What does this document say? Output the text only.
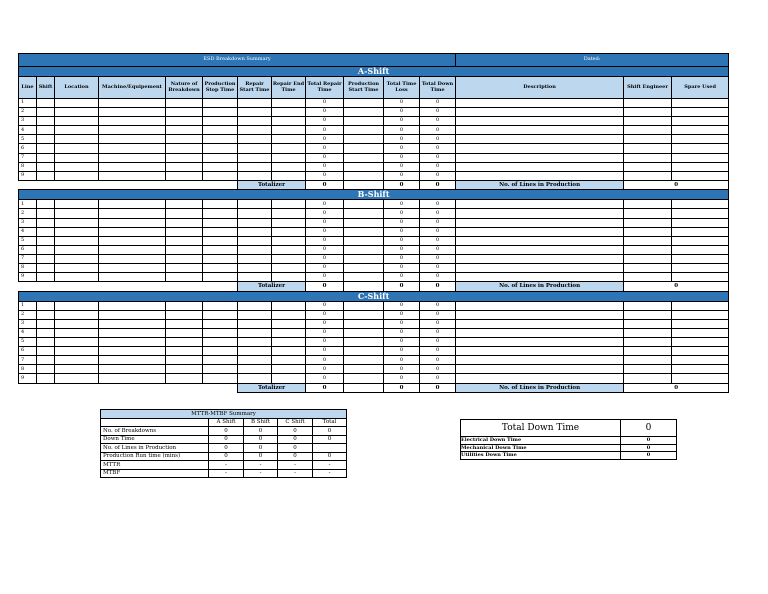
ESD Breakdown Summary												Dated:		
A-Shift														
Line	Shift	Location	Machine/Equipement	Nature of Breakdown	Production Stop Time	Repair Start Time	Repair End Time	Total Repair Time	Production Start Time	Total Time Loss	Total Down Time	Description	Shift Engineer	Spare Used
1								0		0	0			
2								0		0	0			
3								0		0	0			
4								0		0	0			
5								0		0	0			
6								0		0	0			
7								0		0	0			
8								0		0	0			
9								0		0	0			
						Totalizer		0		0	0	No. of Lines in Production	0	
B-Shift														
1								0		0	0			
2								0		0	0			
3								0		0	0			
4								0		0	0			
5								0		0	0			
6								0		0	0			
7								0		0	0			
8								0		0	0			
9								0		0	0			
						Totalizer		0		0	0	No. of Lines in Production	0	
C-Shift														
1								0		0	0			
2								0		0	0			
3								0		0	0			
4								0		0	0			
5								0		0	0			
6								0		0	0			
7								0		0	0			
8								0		0	0			
9								0		0	0			
						Totalizer		0		0	0	No. of Lines in Production	0	
MTTR-MTBF Summary				
	A Shift	B Shift	C Shift	Total
No. of Breakdowns	0	0	0	0
Down Time	0	0	0	0
No. of Lines in Production	0	0	0	
Production Run time (mins)	0	0	0	0
MTTR	-	-	-	-
MTBF	-	-	-	-
Total Down Time	0
Electrical Down Time	0
Mechanical Down Time	0
Utilities Down Time	0
